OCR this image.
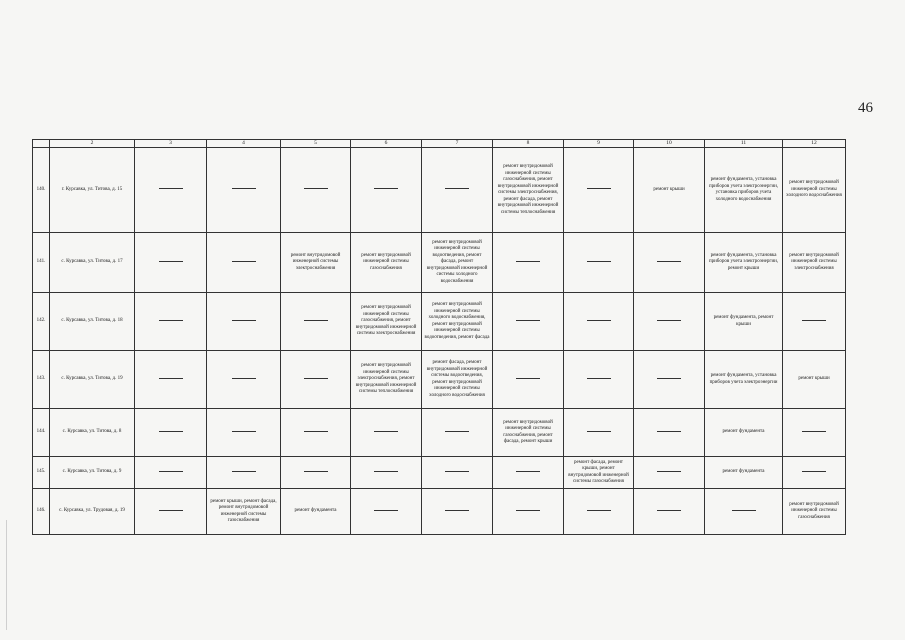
46
	2	3	4	5	6	7	8	9	10	11	12
140.	г. Курсавка, ул. Титова, д. 15						ремонт внутридомовой инженерной системы газоснабжения, ремонт внутридомовой инженерной системы электроснабжения, ремонт фасада, ремонт внутридомовой инженерной системы теплоснабжения		ремонт крыши	ремонт фундамента, установка приборов учета электроэнергии, установка приборов учета холодного водоснабжения	ремонт внутридомовой инженерной системы холодного водоснабжения
141.	с. Курсавка, ул. Титова, д. 17			ремонт внутридомовой инженерной системы электроснабжения	ремонт внутридомовой инженерной системы газоснабжения	ремонт внутридомовой инженерной системы водоотведения, ремонт фасада, ремонт внутридомовой инженерной системы холодного водоснабжения				ремонт фундамента, установка приборов учета электроэнергии, ремонт крыши	ремонт внутридомовой инженерной системы электроснабжения
142.	с. Курсавка, ул. Титова, д. 18				ремонт внутридомовой инженерной системы газоснабжения, ремонт внутридомовой инженерной системы электроснабжения	ремонт внутридомовой инженерной системы холодного водоснабжения, ремонт внутридомовой инженерной системы водоотведения, ремонт фасада				ремонт фундамента, ремонт крыши	
143.	с. Курсавка, ул. Титова, д. 19				ремонт внутридомовой инженерной системы электроснабжения, ремонт внутридомовой инженерной системы теплоснабжения	ремонт фасада, ремонт внутридомовой инженерной системы водоотведения, ремонт внутридомовой инженерной системы холодного водоснабжения				ремонт фундамента, установка приборов учета электроэнергии	ремонт крыши
144.	с. Курсавка, ул. Титова, д. 8						ремонт внутридомовой инженерной системы газоснабжения, ремонт фасада, ремонт крыши			ремонт фундамента	
145.	с. Курсавка, ул. Титова, д. 9							ремонт фасада, ремонт крыши, ремонт внутридомовой инженерной системы газоснабжения		ремонт фундамента	
146.	с. Курсавка, ул. Трудовая, д. 19		ремонт крыши, ремонт фасада, ремонт внутридомовой инженерной системы газоснабжения	ремонт фундамента							ремонт внутридомовой инженерной системы газоснабжения
